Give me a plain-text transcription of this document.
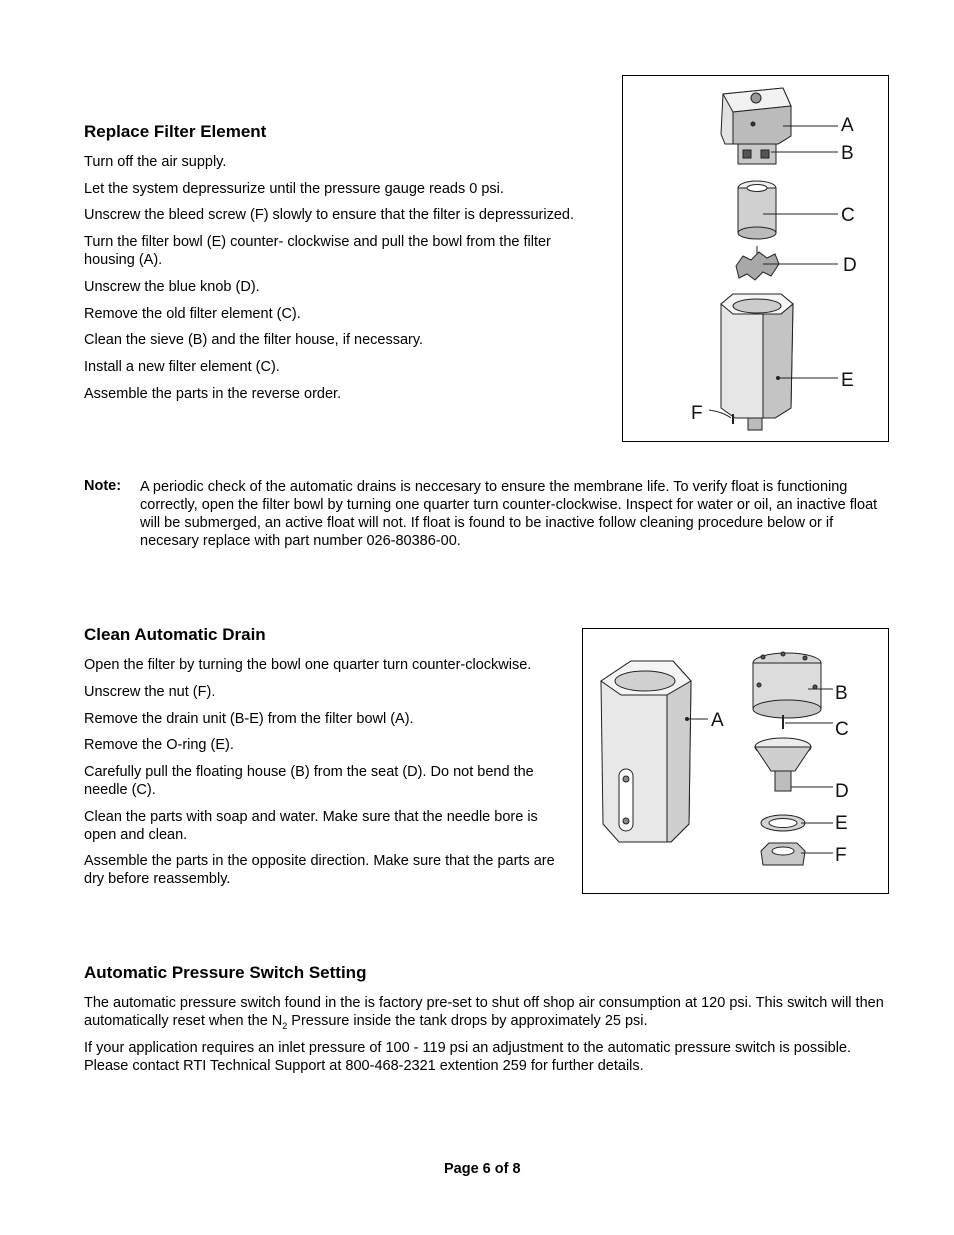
Replace Filter Element

Turn off the air supply.

Let the system depressurize until the pressure gauge reads 0 psi.

Unscrew the bleed screw (F) slowly to ensure that the filter is depressurized.

Turn the filter bowl (E) counter- clockwise and pull the bowl from the filter housing (A).

Unscrew the blue knob (D).

Remove the old filter element (C).

Clean the sieve (B) and the filter house, if necessary.

Install a new filter element (C).

Assemble the parts in the reverse order.

A
B
C
D
E
F
Note: A periodic check of the automatic drains is neccesary to ensure the membrane life. To verify float is functioning correctly, open the filter bowl by turning one quarter turn counter-clockwise. Inspect for water or oil, an inactive float will be submerged, an active float will not. If float is found to be inactive follow cleaning procedure below or if necesary replace with part number 026-80386-00.

Clean Automatic Drain

Open the filter by turning the bowl one quarter turn counter-clockwise.

Unscrew the nut (F).

Remove the drain unit (B-E) from the filter bowl (A).

Remove the O-ring (E).

Carefully pull the floating house (B) from the seat (D). Do not bend the needle (C).

Clean the parts with soap and water. Make sure that the needle bore is open and clean.

Assemble the parts in the opposite direction. Make sure that the parts are dry before reassembly.

A
B
C
D
E
F
Automatic Pressure Switch Setting

The automatic pressure switch found in the is factory pre-set to shut off shop air consumption at 120 psi. This switch will then automatically reset when the $N_2$ Pressure inside the tank drops by approximately 25 psi.

If your application requires an inlet pressure of 100 - 119 psi an adjustment to the automatic pressure switch is possible. Please contact RTI Technical Support at 800-468-2321 extention 259 for further details.

Page 6 of 8
